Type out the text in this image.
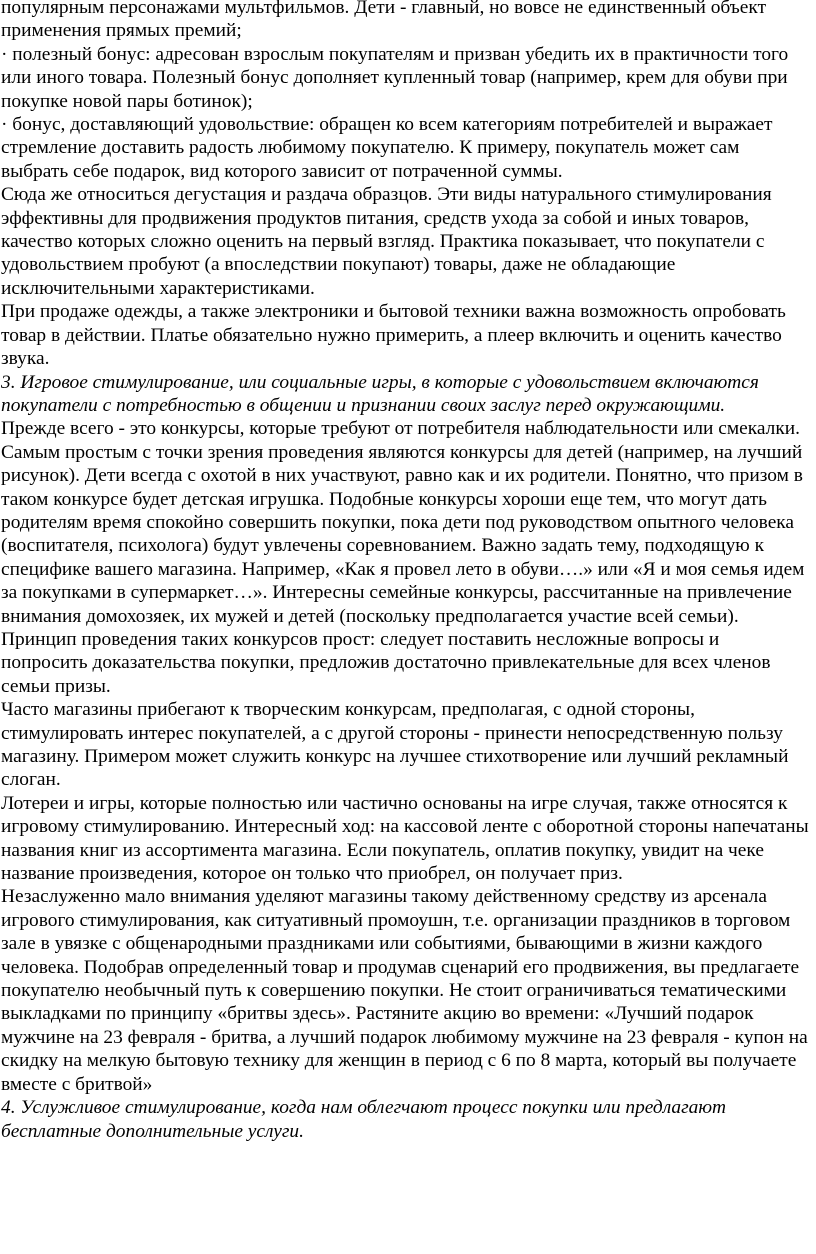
популярным персонажами мультфильмов. Дети - главный, но вовсе не единственный объект применения прямых премий;

· полезный бонус: адресован взрослым покупателям и призван убедить их в практичности того или иного товара. Полезный бонус дополняет купленный товар (например, крем для обуви при покупке новой пары ботинок);

· бонус, доставляющий удовольствие: обращен ко всем категориям потребителей и выражает стремление доставить радость любимому покупателю. К примеру, покупатель может сам выбрать себе подарок, вид которого зависит от потраченной суммы.

Сюда же относиться дегустация и раздача образцов. Эти виды натурального стимулирования эффективны для продвижения продуктов питания, средств ухода за собой и иных товаров, качество которых сложно оценить на первый взгляд. Практика показывает, что покупатели с удовольствием пробуют (а впоследствии покупают) товары, даже не обладающие исключительными характеристиками.

При продаже одежды, а также электроники и бытовой техники важна возможность опробовать товар в действии. Платье обязательно нужно примерить, а плеер включить и оценить качество звука.

3. Игровое стимулирование, или социальные игры, в которые с удовольствием включаются покупатели с потребностью в общении и признании своих заслуг перед окружающими.

Прежде всего - это конкурсы, которые требуют от потребителя наблюдательности или смекалки. Самым простым с точки зрения проведения являются конкурсы для детей (например, на лучший рисунок). Дети всегда с охотой в них участвуют, равно как и их родители. Понятно, что призом в таком конкурсе будет детская игрушка. Подобные конкурсы хороши еще тем, что могут дать родителям время спокойно совершить покупки, пока дети под руководством опытного человека (воспитателя, психолога) будут увлечены соревнованием. Важно задать тему, подходящую к специфике вашего магазина. Например, «Как я провел лето в обуви….» или «Я и моя семья идем за покупками в супермаркет…». Интересны семейные конкурсы, рассчитанные на привлечение внимания домохозяек, их мужей и детей (поскольку предполагается участие всей семьи). Принцип проведения таких конкурсов прост: следует поставить несложные вопросы и попросить доказательства покупки, предложив достаточно привлекательные для всех членов семьи призы.

Часто магазины прибегают к творческим конкурсам, предполагая, с одной стороны, стимулировать интерес покупателей, а с другой стороны - принести непосредственную пользу магазину. Примером может служить конкурс на лучшее стихотворение или лучший рекламный слоган.

Лотереи и игры, которые полностью или частично основаны на игре случая, также относятся к игровому стимулированию. Интересный ход: на кассовой ленте с оборотной стороны напечатаны названия книг из ассортимента магазина. Если покупатель, оплатив покупку, увидит на чеке название произведения, которое он только что приобрел, он получает приз.

Незаслуженно мало внимания уделяют магазины такому действенному средству из арсенала игрового стимулирования, как ситуативный промоушн, т.е. организации праздников в торговом зале в увязке с общенародными праздниками или событиями, бывающими в жизни каждого человека. Подобрав определенный товар и продумав сценарий его продвижения, вы предлагаете покупателю необычный путь к совершению покупки. Не стоит ограничиваться тематическими выкладками по принципу «бритвы здесь». Растяните акцию во времени: «Лучший подарок мужчине на 23 февраля - бритва, а лучший подарок любимому мужчине на 23 февраля - купон на скидку на мелкую бытовую технику для женщин в период с 6 по 8 марта, который вы получаете вместе с бритвой»

4. Услужливое стимулирование, когда нам облегчают процесс покупки или предлагают бесплатные дополнительные услуги.
